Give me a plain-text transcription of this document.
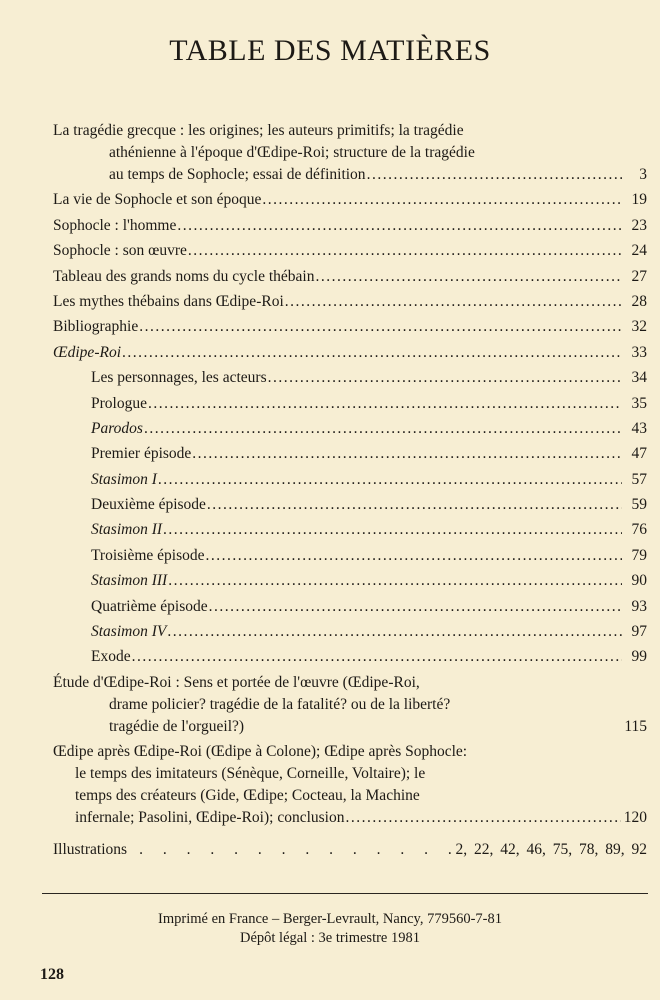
TABLE DES MATIÈRES
La tragédie grecque : les origines; les auteurs primitifs; la tragédie
athénienne à l'époque d'Œdipe-Roi; structure de la tragédie
au temps de Sophocle; essai de définition .....	3
La vie de Sophocle et son époque .....	19
Sophocle : l'homme .....	23
Sophocle : son œuvre .....	24
Tableau des grands noms du cycle thébain .....	27
Les mythes thébains dans Œdipe-Roi .....	28
Bibliographie .....	32
Œdipe-Roi .....	33
Les personnages, les acteurs .....	34
Prologue .....	35
Parodos .....	43
Premier épisode .....	47
Stasimon I .....	57
Deuxième épisode .....	59
Stasimon II .....	76
Troisième épisode .....	79
Stasimon III .....	90
Quatrième épisode .....	93
Stasimon IV .....	97
Exode .....	99
Étude d'Œdipe-Roi : Sens et portée de l'œuvre (Œdipe-Roi,
drame policier? tragédie de la fatalité? ou de la liberté?
tragédie de l'orgueil?)	115
Œdipe après Œdipe-Roi (Œdipe à Colone); Œdipe après Sophocle:
le temps des imitateurs (Sénèque, Corneille, Voltaire); le
temps des créateurs (Gide, Œdipe; Cocteau, la Machine
infernale; Pasolini, Œdipe-Roi); conclusion .....	120
Illustrations . . .	2, 22, 42, 46, 75, 78, 89, 92
Imprimé en France – Berger-Levrault, Nancy, 779560-7-81
Dépôt légal : 3e trimestre 1981
128
